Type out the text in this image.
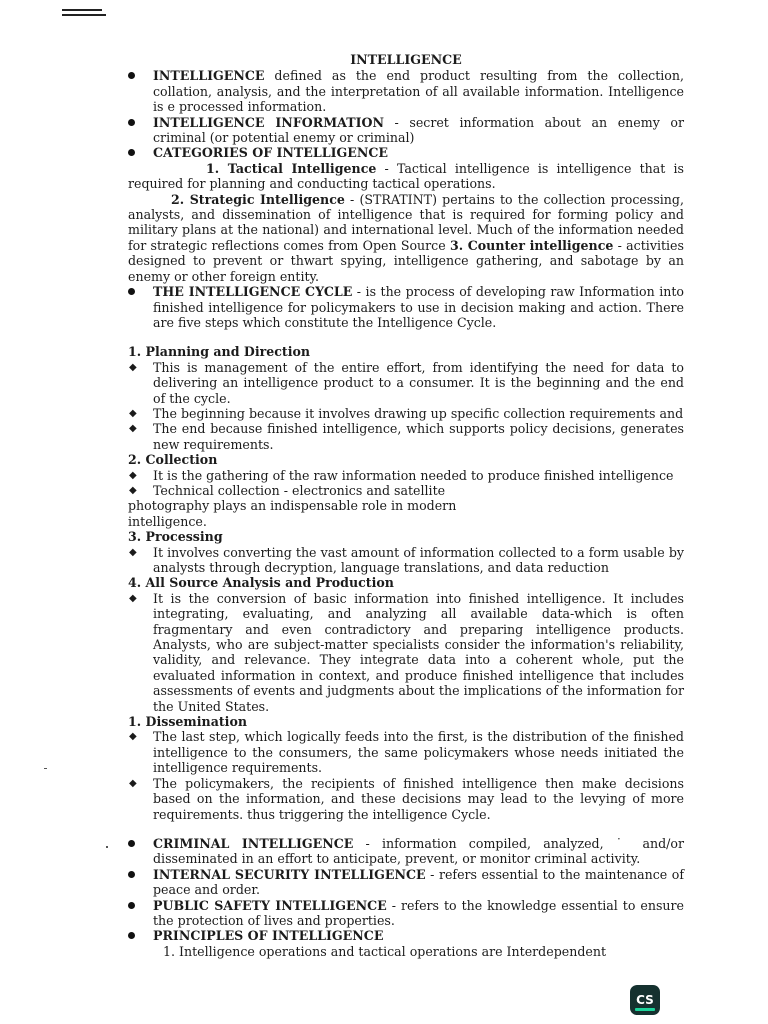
INTELLIGENCE
INTELLIGENCE defined as the end product resulting from the collection, collation, analysis, and the interpretation of all available information. Intelligence is e processed information.
INTELLIGENCE INFORMATION - secret information about an enemy or criminal (or potential enemy or criminal)
CATEGORIES OF INTELLIGENCE
1. Tactical Intelligence - Tactical intelligence is intelligence that is required for planning and conducting tactical operations.
2. Strategic Intelligence - (STRATINT) pertains to the collection processing, analysts, and dissemination of intelligence that is required for forming policy and military plans at the national) and international level. Much of the information needed for strategic reflections comes from Open Source 3. Counter intelligence - activities designed to prevent or thwart spying, intelligence gathering, and sabotage by an enemy or other foreign entity.
THE INTELLIGENCE CYCLE - is the process of developing raw Information into finished intelligence for policymakers to use in decision making and action. There are five steps which constitute the Intelligence Cycle.
1. Planning and Direction
◆ This is management of the entire effort, from identifying the need for data to delivering an intelligence product to a consumer. It is the beginning and the end of the cycle.
◆ The beginning because it involves drawing up specific collection requirements and
◆ The end because finished intelligence, which supports policy decisions, generates new requirements.
2. Collection
◆ It is the gathering of the raw information needed to produce finished intelligence
◆ Technical collection - electronics and satellite
photography plays an indispensable role in modern intelligence.
3. Processing
◆ It involves converting the vast amount of information collected to a form usable by analysts through decryption, language translations, and data reduction
4. All Source Analysis and Production
◆ It is the conversion of basic information into finished intelligence. It includes integrating, evaluating, and analyzing all available data-which is often fragmentary and even contradictory and preparing intelligence products. Analysts, who are subject-matter specialists consider the information's reliability, validity, and relevance. They integrate data into a coherent whole, put the evaluated information in context, and produce finished intelligence that includes assessments of events and judgments about the implications of the information for the United States.
1. Dissemination
◆ The last step, which logically feeds into the first, is the distribution of the finished intelligence to the consumers, the same policymakers whose needs initiated the intelligence requirements.
◆ The policymakers, the recipients of finished intelligence then make decisions based on the information, and these decisions may lead to the levying of more requirements. thus triggering the intelligence Cycle.
CRIMINAL INTELLIGENCE - information compiled, analyzed, ˙ and/or disseminated in an effort to anticipate, prevent, or monitor criminal activity.
INTERNAL SECURITY INTELLIGENCE - refers essential to the maintenance of peace and order.
PUBLIC SAFETY INTELLIGENCE - refers to the knowledge essential to ensure the protection of lives and properties.
PRINCIPLES OF INTELLIGENCE
1. Intelligence operations and tactical operations are Interdependent
CS
